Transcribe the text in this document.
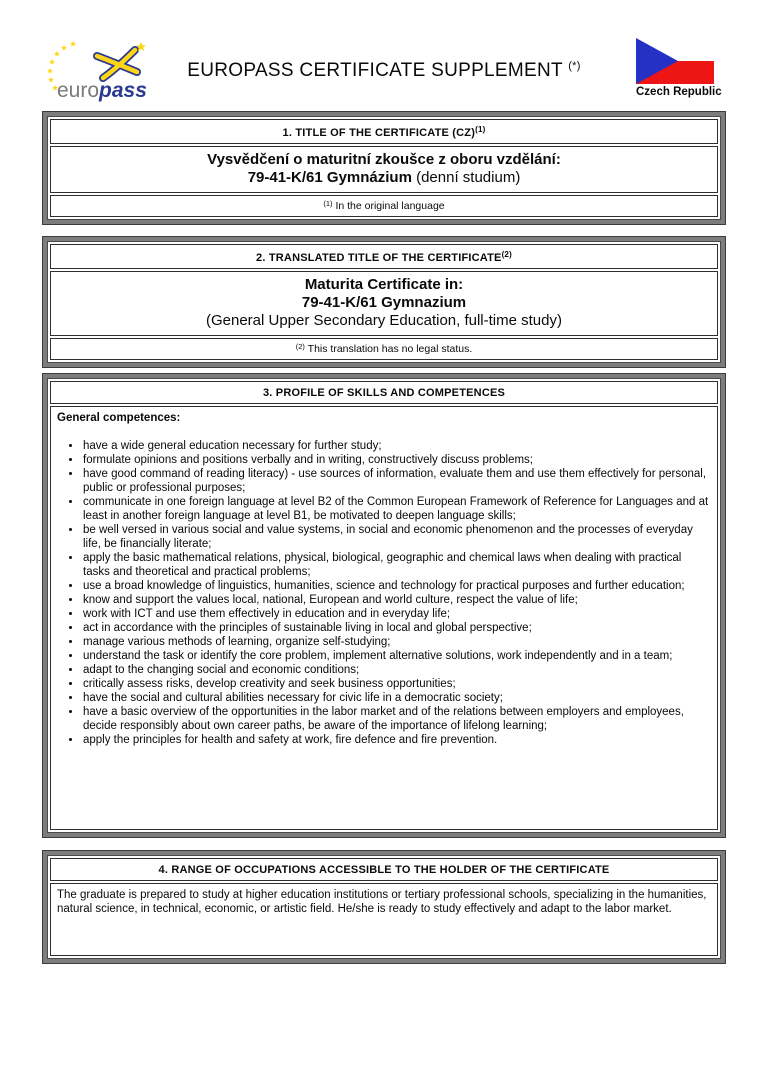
europass
EUROPASS CERTIFICATE SUPPLEMENT (*)
Czech Republic
1. TITLE OF THE CERTIFICATE (CZ)$^{(1)}$
Vysvědčení o maturitní zkoušce z oboru vzdělání:
79-41-K/61 Gymnázium (denní studium)
$^{(1)}$ In the original language
2. TRANSLATED TITLE OF THE CERTIFICATE$^{(2)}$
Maturita Certificate in:
79-41-K/61 Gymnazium
(General Upper Secondary Education, full-time study)
$^{(2)}$ This translation has no legal status.
3. PROFILE OF SKILLS AND COMPETENCES
General competences:
• have a wide general education necessary for further study;
• formulate opinions and positions verbally and in writing, constructively discuss problems;
• have good command of reading literacy) - use sources of information, evaluate them and use them effectively for personal, public or professional purposes;
• communicate in one foreign language at level B2 of the Common European Framework of Reference for Languages and at least in another foreign language at level B1, be motivated to deepen language skills;
• be well versed in various social and value systems, in social and economic phenomenon and the processes of everyday life, be financially literate;
• apply the basic mathematical relations, physical, biological, geographic and chemical laws when dealing with practical tasks and theoretical and practical problems;
• use a broad knowledge of linguistics, humanities, science and technology for practical purposes and further education;
• know and support the values local, national, European and world culture, respect the value of life;
• work with ICT and use them effectively in education and in everyday life;
• act in accordance with the principles of sustainable living in local and global perspective;
• manage various methods of learning, organize self-studying;
• understand the task or identify the core problem, implement alternative solutions, work independently and in a team;
• adapt to the changing social and economic conditions;
• critically assess risks, develop creativity and seek business opportunities;
• have the social and cultural abilities necessary for civic life in a democratic society;
• have a basic overview of the opportunities in the labor market and of the relations between employers and employees, decide responsibly about own career paths, be aware of the importance of lifelong learning;
• apply the principles for health and safety at work, fire defence and fire prevention.
4. RANGE OF OCCUPATIONS ACCESSIBLE TO THE HOLDER OF THE CERTIFICATE

The graduate is prepared to study at higher education institutions or tertiary professional schools, specializing in the humanities, natural science, in technical, economic, or artistic field. He/she is ready to study effectively and adapt to the labor market.
